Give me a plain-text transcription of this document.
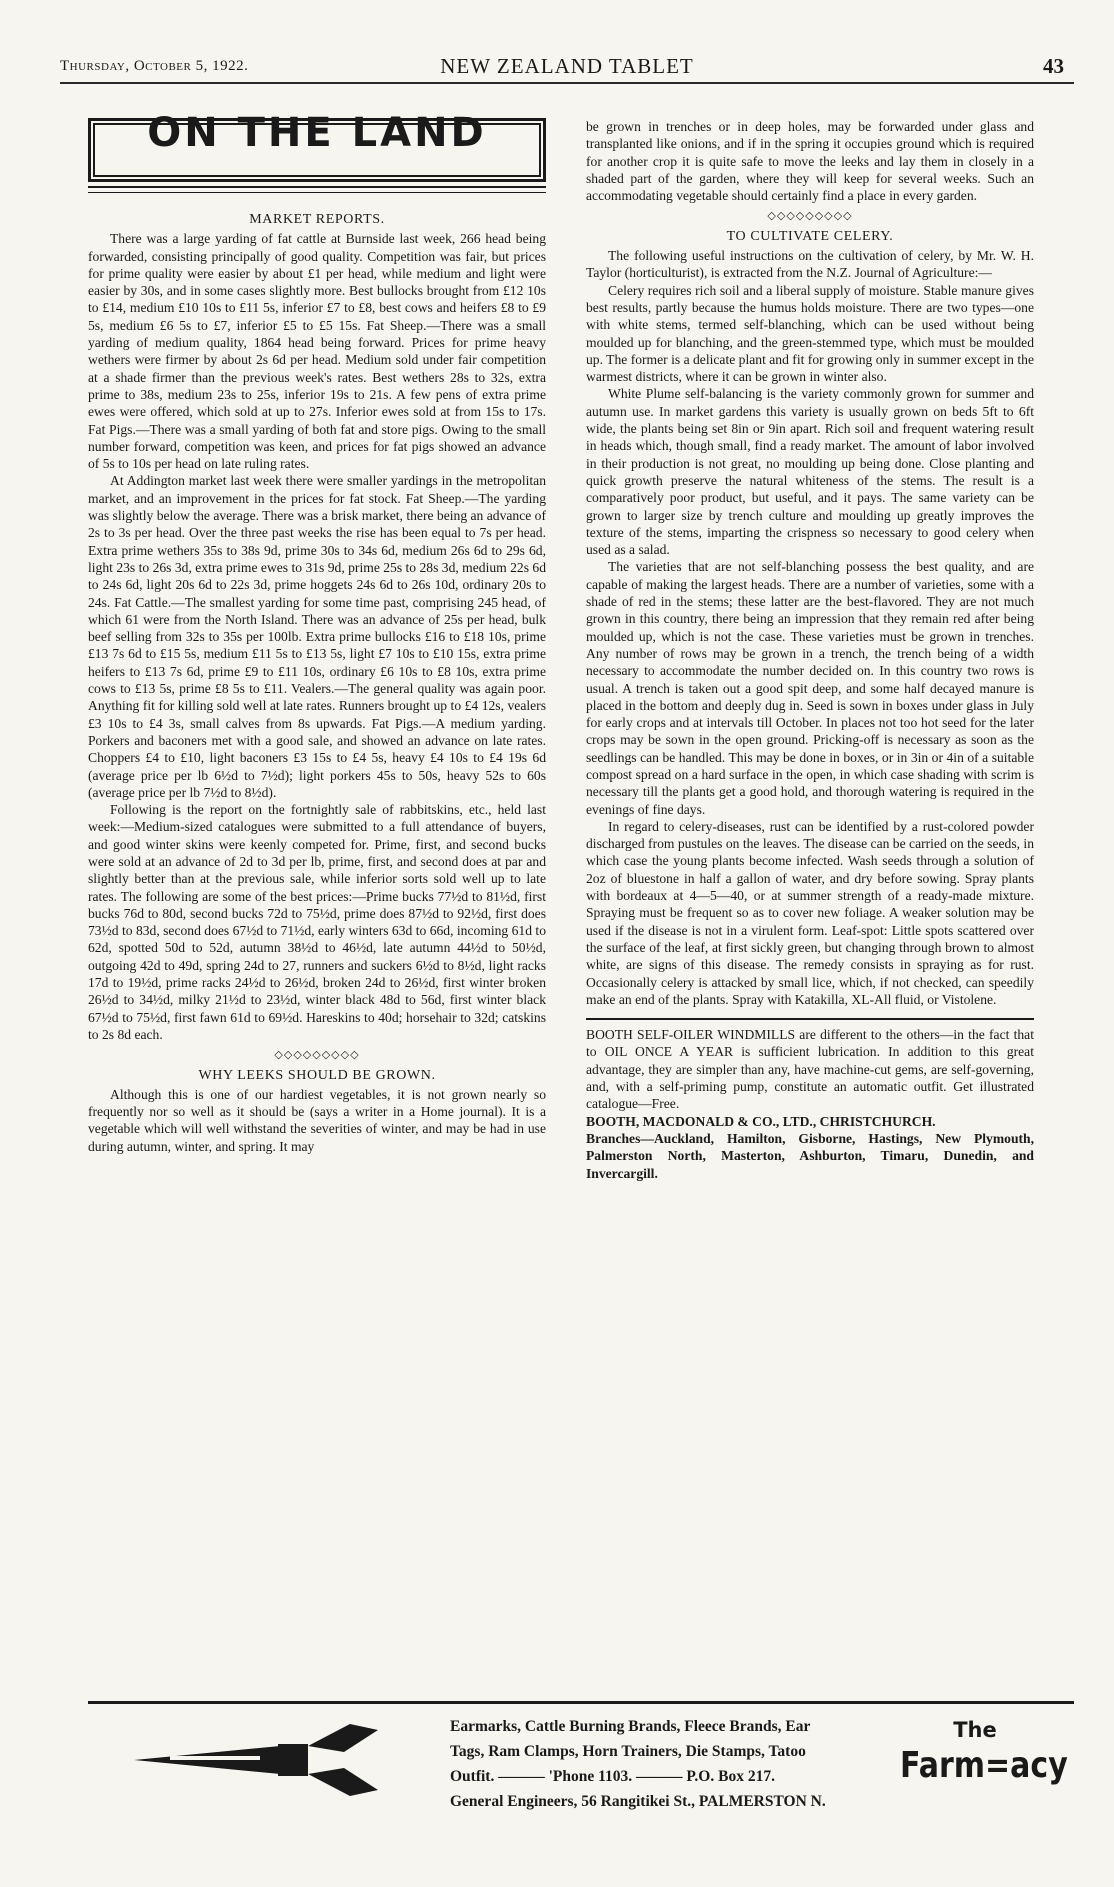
Thursday, October 5, 1922.	NEW ZEALAND TABLET	43
ON THE LAND
MARKET REPORTS.

There was a large yarding of fat cattle at Burnside last week, 266 head being forwarded, consisting principally of good quality. Competition was fair, but prices for prime quality were easier by about £1 per head, while medium and light were easier by 30s, and in some cases slightly more. Best bullocks brought from £12 10s to £14, medium £10 10s to £11 5s, inferior £7 to £8, best cows and heifers £8 to £9 5s, medium £6 5s to £7, inferior £5 to £5 15s. Fat Sheep.—There was a small yarding of medium quality, 1864 head being forward. Prices for prime heavy wethers were firmer by about 2s 6d per head. Medium sold under fair competition at a shade firmer than the previous week's rates. Best wethers 28s to 32s, extra prime to 38s, medium 23s to 25s, inferior 19s to 21s. A few pens of extra prime ewes were offered, which sold at up to 27s. Inferior ewes sold at from 15s to 17s. Fat Pigs.—There was a small yarding of both fat and store pigs. Owing to the small number forward, competition was keen, and prices for fat pigs showed an advance of 5s to 10s per head on late ruling rates.

At Addington market last week there were smaller yardings in the metropolitan market, and an improvement in the prices for fat stock. Fat Sheep.—The yarding was slightly below the average. There was a brisk market, there being an advance of 2s to 3s per head. Over the three past weeks the rise has been equal to 7s per head. Extra prime wethers 35s to 38s 9d, prime 30s to 34s 6d, medium 26s 6d to 29s 6d, light 23s to 26s 3d, extra prime ewes to 31s 9d, prime 25s to 28s 3d, medium 22s 6d to 24s 6d, light 20s 6d to 22s 3d, prime hoggets 24s 6d to 26s 10d, ordinary 20s to 24s. Fat Cattle.—The smallest yarding for some time past, comprising 245 head, of which 61 were from the North Island. There was an advance of 25s per head, bulk beef selling from 32s to 35s per 100lb. Extra prime bullocks £16 to £18 10s, prime £13 7s 6d to £15 5s, medium £11 5s to £13 5s, light £7 10s to £10 15s, extra prime heifers to £13 7s 6d, prime £9 to £11 10s, ordinary £6 10s to £8 10s, extra prime cows to £13 5s, prime £8 5s to £11. Vealers.—The general quality was again poor. Anything fit for killing sold well at late rates. Runners brought up to £4 12s, vealers £3 10s to £4 3s, small calves from 8s upwards. Fat Pigs.—A medium yarding. Porkers and baconers met with a good sale, and showed an advance on late rates. Choppers £4 to £10, light baconers £3 15s to £4 5s, heavy £4 10s to £4 19s 6d (average price per lb 6½d to 7½d); light porkers 45s to 50s, heavy 52s to 60s (average price per lb 7½d to 8½d).

Following is the report on the fortnightly sale of rabbitskins, etc., held last week:—Medium-sized catalogues were submitted to a full attendance of buyers, and good winter skins were keenly competed for. Prime, first, and second bucks were sold at an advance of 2d to 3d per lb, prime, first, and second does at par and slightly better than at the previous sale, while inferior sorts sold well up to late rates. The following are some of the best prices:—Prime bucks 77½d to 81½d, first bucks 76d to 80d, second bucks 72d to 75½d, prime does 87½d to 92½d, first does 73½d to 83d, second does 67½d to 71½d, early winters 63d to 66d, incoming 61d to 62d, spotted 50d to 52d, autumn 38½d to 46½d, late autumn 44½d to 50½d, outgoing 42d to 49d, spring 24d to 27, runners and suckers 6½d to 8½d, light racks 17d to 19½d, prime racks 24½d to 26½d, broken 24d to 26½d, first winter broken 26½d to 34½d, milky 21½d to 23½d, winter black 48d to 56d, first winter black 67½d to 75½d, first fawn 61d to 69½d. Hareskins to 40d; horsehair to 32d; catskins to 2s 8d each.

◇◇◇◇◇◇◇◇◇
WHY LEEKS SHOULD BE GROWN.

Although this is one of our hardiest vegetables, it is not grown nearly so frequently nor so well as it should be (says a writer in a Home journal). It is a vegetable which will well withstand the severities of winter, and may be had in use during autumn, winter, and spring. It may

be grown in trenches or in deep holes, may be forwarded under glass and transplanted like onions, and if in the spring it occupies ground which is required for another crop it is quite safe to move the leeks and lay them in closely in a shaded part of the garden, where they will keep for several weeks. Such an accommodating vegetable should certainly find a place in every garden.

◇◇◇◇◇◇◇◇◇
TO CULTIVATE CELERY.

The following useful instructions on the cultivation of celery, by Mr. W. H. Taylor (horticulturist), is extracted from the N.Z. Journal of Agriculture:—

Celery requires rich soil and a liberal supply of moisture. Stable manure gives best results, partly because the humus holds moisture. There are two types—one with white stems, termed self-blanching, which can be used without being moulded up for blanching, and the green-stemmed type, which must be moulded up. The former is a delicate plant and fit for growing only in summer except in the warmest districts, where it can be grown in winter also.

White Plume self-balancing is the variety commonly grown for summer and autumn use. In market gardens this variety is usually grown on beds 5ft to 6ft wide, the plants being set 8in or 9in apart. Rich soil and frequent watering result in heads which, though small, find a ready market. The amount of labor involved in their production is not great, no moulding up being done. Close planting and quick growth preserve the natural whiteness of the stems. The result is a comparatively poor product, but useful, and it pays. The same variety can be grown to larger size by trench culture and moulding up greatly improves the texture of the stems, imparting the crispness so necessary to good celery when used as a salad.

The varieties that are not self-blanching possess the best quality, and are capable of making the largest heads. There are a number of varieties, some with a shade of red in the stems; these latter are the best-flavored. They are not much grown in this country, there being an impression that they remain red after being moulded up, which is not the case. These varieties must be grown in trenches. Any number of rows may be grown in a trench, the trench being of a width necessary to accommodate the number decided on. In this country two rows is usual. A trench is taken out a good spit deep, and some half decayed manure is placed in the bottom and deeply dug in. Seed is sown in boxes under glass in July for early crops and at intervals till October. In places not too hot seed for the later crops may be sown in the open ground. Pricking-off is necessary as soon as the seedlings can be handled. This may be done in boxes, or in 3in or 4in of a suitable compost spread on a hard surface in the open, in which case shading with scrim is necessary till the plants get a good hold, and thorough watering is required in the evenings of fine days.

In regard to celery-diseases, rust can be identified by a rust-colored powder discharged from pustules on the leaves. The disease can be carried on the seeds, in which case the young plants become infected. Wash seeds through a solution of 2oz of bluestone in half a gallon of water, and dry before sowing. Spray plants with bordeaux at 4—5—40, or at summer strength of a ready-made mixture. Spraying must be frequent so as to cover new foliage. A weaker solution may be used if the disease is not in a virulent form. Leaf-spot: Little spots scattered over the surface of the leaf, at first sickly green, but changing through brown to almost white, are signs of this disease. The remedy consists in spraying as for rust. Occasionally celery is attacked by small lice, which, if not checked, can speedily make an end of the plants. Spray with Katakilla, XL-All fluid, or Vistolene.

BOOTH SELF-OILER WINDMILLS are different to the others—in the fact that to OIL ONCE A YEAR is sufficient lubrication. In addition to this great advantage, they are simpler than any, have machine-cut gems, are self-governing, and, with a self-priming pump, constitute an automatic outfit. Get illustrated catalogue—Free.

BOOTH, MACDONALD & CO., LTD., CHRISTCHURCH.

Branches—Auckland, Hamilton, Gisborne, Hastings, New Plymouth, Palmerston North, Masterton, Ashburton, Timaru, Dunedin, and Invercargill.

Earmarks, Cattle Burning Brands, Fleece Brands, Ear
Tags, Ram Clamps, Horn Trainers, Die Stamps, Tatoo
Outfit. ——— 'Phone 1103. ——— P.O. Box 217.
General Engineers, 56 Rangitikei St., PALMERSTON N.
The
Farm=acy
